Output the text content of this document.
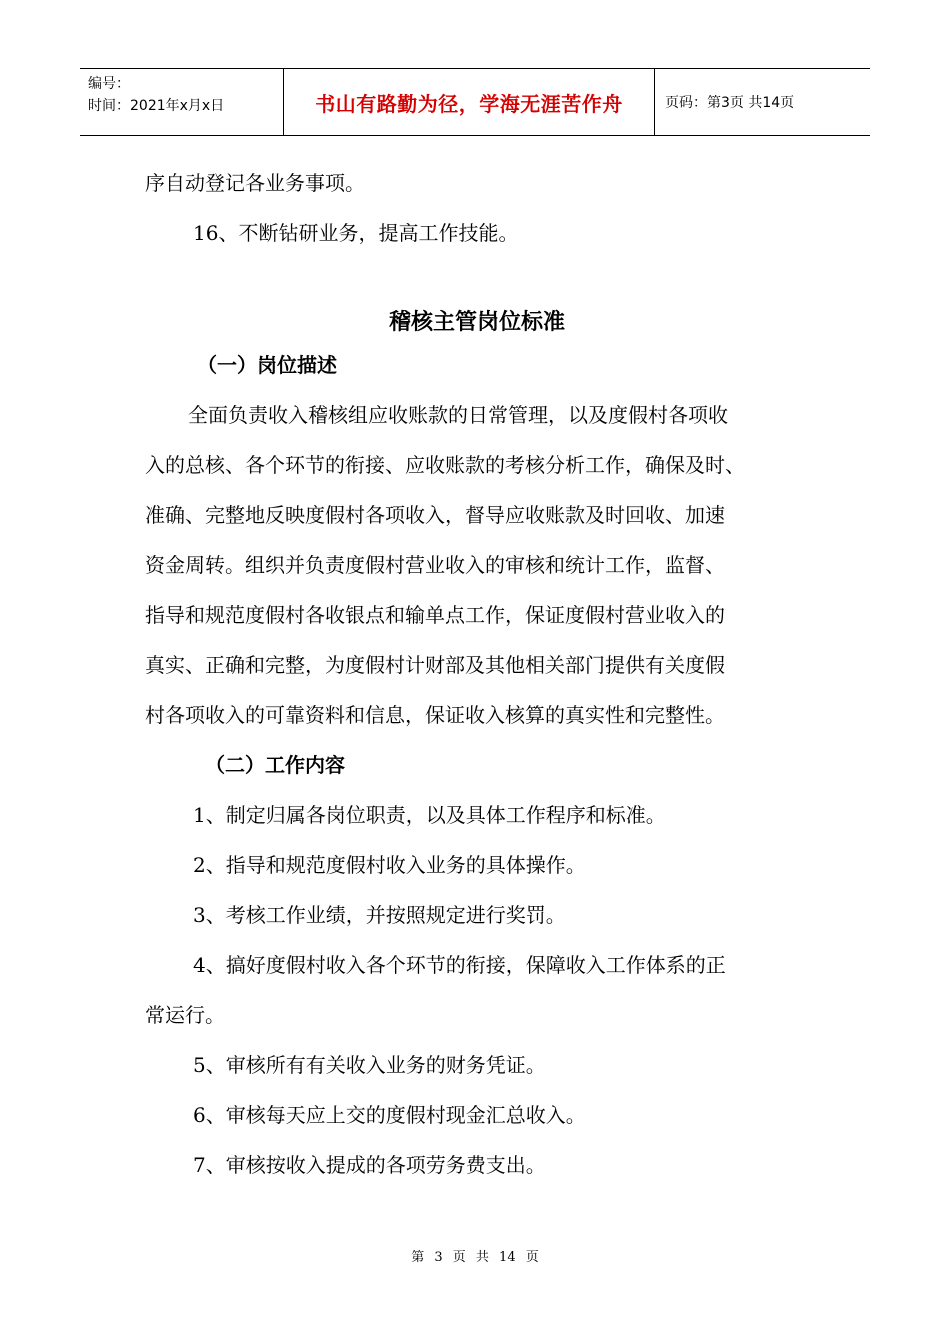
编号：
时间：2021年x月x日	书山有路勤为径，学海无涯苦作舟	页码：第3页 共14页

序自动登记各业务事项。

16、不断钻研业务，提高工作技能。

稽核主管岗位标准
（一）岗位描述

全面负责收入稽核组应收账款的日常管理，以及度假村各项收

入的总核、各个环节的衔接、应收账款的考核分析工作，确保及时、

准确、完整地反映度假村各项收入，督导应收账款及时回收、加速

资金周转。组织并负责度假村营业收入的审核和统计工作，监督、

指导和规范度假村各收银点和输单点工作，保证度假村营业收入的

真实、正确和完整，为度假村计财部及其他相关部门提供有关度假

村各项收入的可靠资料和信息，保证收入核算的真实性和完整性。

（二）工作内容

1、制定归属各岗位职责，以及具体工作程序和标准。

2、指导和规范度假村收入业务的具体操作。

3、考核工作业绩，并按照规定进行奖罚。

4、搞好度假村收入各个环节的衔接，保障收入工作体系的正

常运行。

5、审核所有有关收入业务的财务凭证。

6、审核每天应上交的度假村现金汇总收入。

7、审核按收入提成的各项劳务费支出。

第 3 页 共 14 页
